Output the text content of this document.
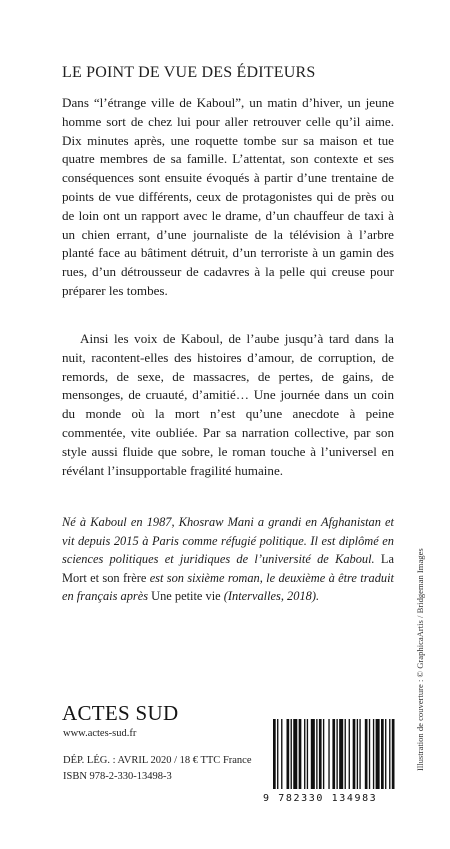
LE POINT DE VUE DES ÉDITEURS

Dans “l’étrange ville de Kaboul”, un matin d’hiver, un jeune homme sort de chez lui pour aller retrouver celle qu’il aime. Dix minutes après, une roquette tombe sur sa maison et tue quatre membres de sa famille. L’attentat, son contexte et ses conséquences sont ensuite évoqués à partir d’une trentaine de points de vue différents, ceux de protagonistes qui de près ou de loin ont un rapport avec le drame, d’un chauffeur de taxi à un chien errant, d’une journaliste de la télévision à l’arbre planté face au bâtiment détruit, d’un terroriste à un gamin des rues, d’un détrousseur de cadavres à la pelle qui creuse pour préparer les tombes.

Ainsi les voix de Kaboul, de l’aube jusqu’à tard dans la nuit, racontent-elles des histoires d’amour, de corruption, de remords, de sexe, de massacres, de pertes, de gains, de mensonges, de cruauté, d’amitié… Une journée dans un coin du monde où la mort n’est qu’une anecdote à peine commentée, vite oubliée. Par sa narration collective, par son style aussi fluide que sobre, le roman touche à l’universel en révélant l’insupportable fragilité humaine.

Né à Kaboul en 1987, Khosraw Mani a grandi en Afghanistan et vit depuis 2015 à Paris comme réfugié politique. Il est diplômé en sciences politiques et juridiques de l’université de Kaboul. La Mort et son frère est son sixième roman, le deuxième à être traduit en français après Une petite vie (Intervalles, 2018).

ACTES SUD
www.actes-sud.fr
DÉP. LÉG. : AVRIL 2020 / 18 € TTC France
ISBN 978-2-330-13498-3
Illustration de couverture : © GraphicaArtis / Bridgeman Images
9 782330 134983
